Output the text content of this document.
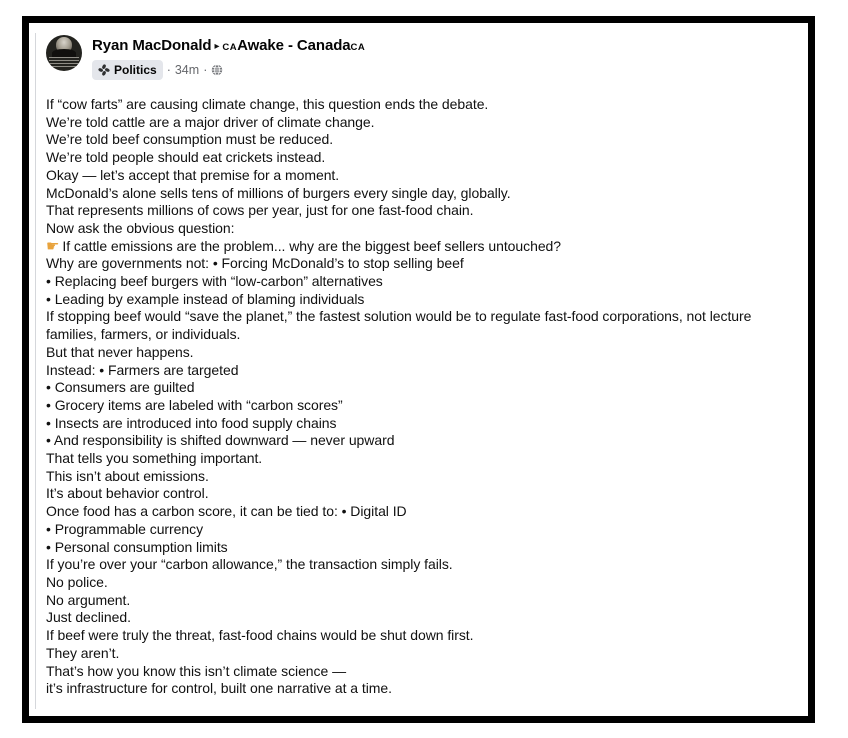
Ryan MacDonald ▸ CAAwake - CanadaCA
Politics · 34m ·
If “cow farts” are causing climate change, this question ends the debate.
We’re told cattle are a major driver of climate change.
We’re told beef consumption must be reduced.
We’re told people should eat crickets instead.
Okay — let’s accept that premise for a moment.
McDonald’s alone sells tens of millions of burgers every single day, globally.
That represents millions of cows per year, just for one fast-food chain.
Now ask the obvious question:
☛ If cattle emissions are the problem... why are the biggest beef sellers untouched?
Why are governments not: • Forcing McDonald’s to stop selling beef
• Replacing beef burgers with “low-carbon” alternatives
• Leading by example instead of blaming individuals
If stopping beef would “save the planet,” the fastest solution would be to regulate fast-food corporations, not lecture families, farmers, or individuals.
But that never happens.
Instead: • Farmers are targeted
• Consumers are guilted
• Grocery items are labeled with “carbon scores”
• Insects are introduced into food supply chains
• And responsibility is shifted downward — never upward
That tells you something important.
This isn’t about emissions.
It’s about behavior control.
Once food has a carbon score, it can be tied to: • Digital ID
• Programmable currency
• Personal consumption limits
If you’re over your “carbon allowance,” the transaction simply fails.
No police.
No argument.
Just declined.
If beef were truly the threat, fast-food chains would be shut down first.
They aren’t.
That’s how you know this isn’t climate science —
it’s infrastructure for control, built one narrative at a time.
